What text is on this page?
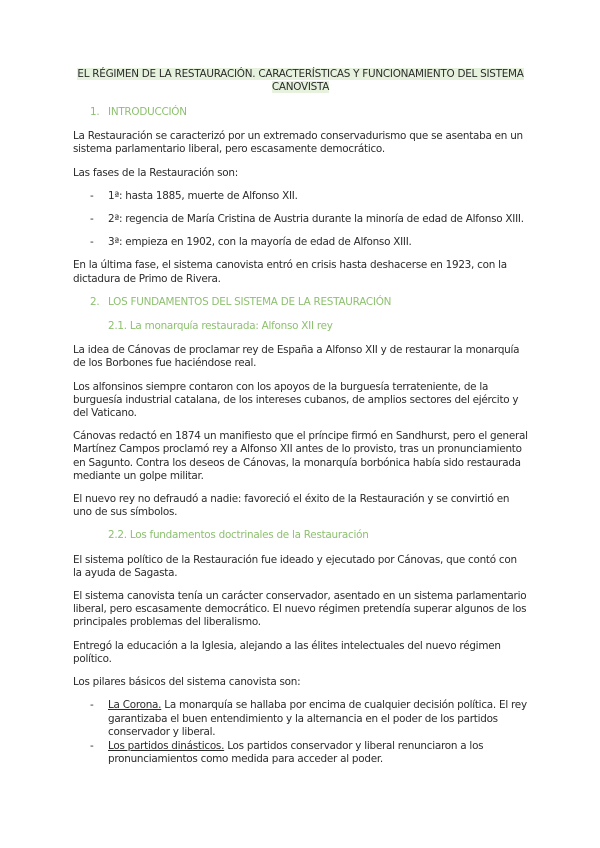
EL RÉGIMEN DE LA RESTAURACIÓN. CARACTERÍSTICAS Y FUNCIONAMIENTO DEL SISTEMA CANOVISTA
1. INTRODUCCIÓN

La Restauración se caracterizó por un extremado conservadurismo que se asentaba en un sistema parlamentario liberal, pero escasamente democrático.

Las fases de la Restauración son:

-	1ª: hasta 1885, muerte de Alfonso XII.
-	2ª: regencia de María Cristina de Austria durante la minoría de edad de Alfonso XIII.
-	3ª: empieza en 1902, con la mayoría de edad de Alfonso XIII.

En la última fase, el sistema canovista entró en crisis hasta deshacerse en 1923, con la dictadura de Primo de Rivera.

2. LOS FUNDAMENTOS DEL SISTEMA DE LA RESTAURACIÓN
2.1. La monarquía restaurada: Alfonso XII rey

La idea de Cánovas de proclamar rey de España a Alfonso XII y de restaurar la monarquía de los Borbones fue haciéndose real.

Los alfonsinos siempre contaron con los apoyos de la burguesía terrateniente, de la burguesía industrial catalana, de los intereses cubanos, de amplios sectores del ejército y del Vaticano.

Cánovas redactó en 1874 un manifiesto que el príncipe firmó en Sandhurst, pero el general Martínez Campos proclamó rey a Alfonso XII antes de lo provisto, tras un pronunciamiento en Sagunto. Contra los deseos de Cánovas, la monarquía borbónica había sido restaurada mediante un golpe militar.

El nuevo rey no defraudó a nadie: favoreció el éxito de la Restauración y se convirtió en uno de sus símbolos.

2.2. Los fundamentos doctrinales de la Restauración

El sistema político de la Restauración fue ideado y ejecutado por Cánovas, que contó con la ayuda de Sagasta.

El sistema canovista tenía un carácter conservador, asentado en un sistema parlamentario liberal, pero escasamente democrático. El nuevo régimen pretendía superar algunos de los principales problemas del liberalismo.

Entregó la educación a la Iglesia, alejando a las élites intelectuales del nuevo régimen político.

Los pilares básicos del sistema canovista son:

-	La Corona. La monarquía se hallaba por encima de cualquier decisión política. El rey garantizaba el buen entendimiento y la alternancia en el poder de los partidos conservador y liberal.
-	Los partidos dinásticos. Los partidos conservador y liberal renunciaron a los pronunciamientos como medida para acceder al poder.
